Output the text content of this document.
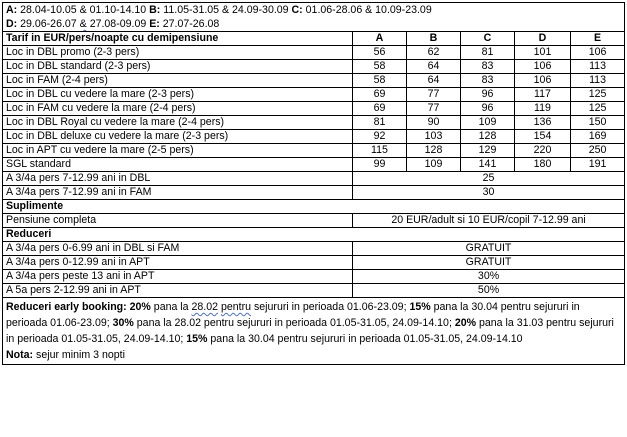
A: 28.04-10.05 & 01.10-14.10 B: 11.05-31.05 & 24.09-30.09 C: 01.06-28.06 & 10.09-23.09
D: 29.06-26.07 & 27.08-09.09 E: 27.07-26.08					
Tarif in EUR/pers/noapte cu demipensiune	A	B	C	D	E
Loc in DBL promo (2-3 pers)	56	62	81	101	106
Loc in DBL standard (2-3 pers)	58	64	83	106	113
Loc in FAM (2-4 pers)	58	64	83	106	113
Loc in DBL cu vedere la mare (2-3 pers)	69	77	96	117	125
Loc in FAM cu vedere la mare (2-4 pers)	69	77	96	119	125
Loc in DBL Royal cu vedere la mare (2-4 pers)	81	90	109	136	150
Loc in DBL deluxe cu vedere la mare (2-3 pers)	92	103	128	154	169
Loc in APT cu vedere la mare (2-5 pers)	115	128	129	220	250
SGL standard	99	109	141	180	191
A 3/4a pers 7-12.99 ani in DBL	25				
A 3/4a pers 7-12.99 ani in FAM	30				
Suplimente					
Pensiune completa	20 EUR/adult si 10 EUR/copil 7-12.99 ani				
Reduceri					
A 3/4a pers 0-6.99 ani in DBL si FAM	GRATUIT				
A 3/4a pers 0-12.99 ani in APT	GRATUIT				
A 3/4a pers peste 13 ani in APT	30%				
A 5a pers 2-12.99 ani in APT	50%				
Reduceri early booking: 20% pana la 28.02 pentru sejururi in perioada 01.06-23.09; 15% pana la 30.04 pentru sejururi in perioada 01.06-23.09; 30% pana la 28.02 pentru sejururi in perioada 01.05-31.05, 24.09-14.10; 20% pana la 31.03 pentru sejururi in perioada 01.05-31.05, 24.09-14.10; 15% pana la 30.04 pentru sejururi in perioada 01.05-31.05, 24.09-14.10
Nota: sejur minim 3 nopti					
